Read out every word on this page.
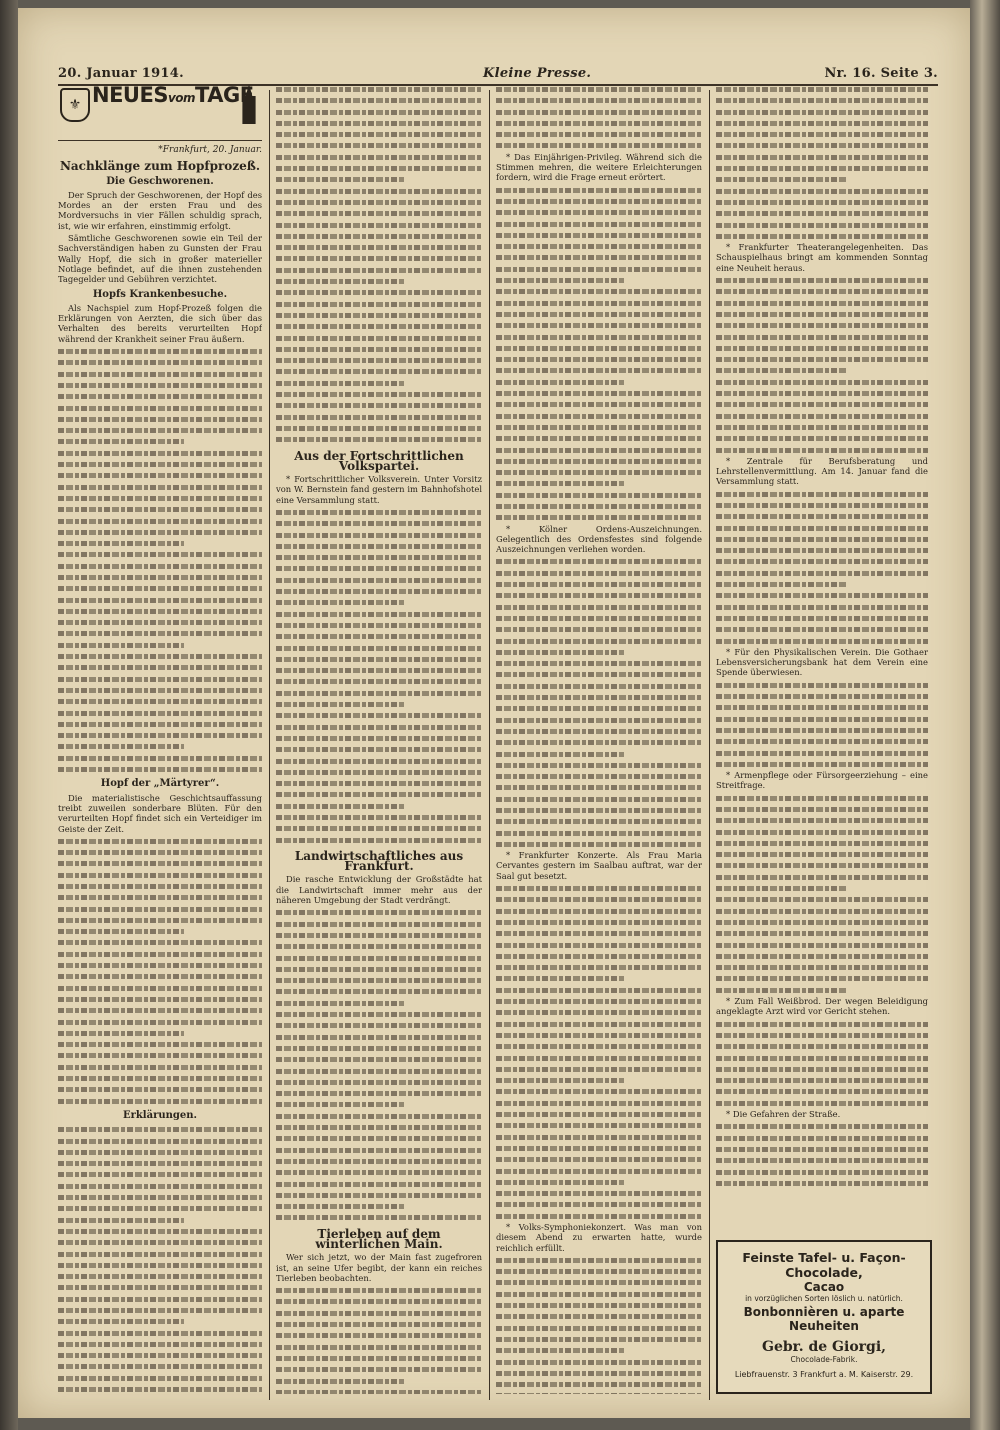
20. Januar 1914.	Kleine Presse.	Nr. 16. Seite 3.
⚜ NEUESvomTAGE
*Frankfurt, 20. Januar.
Nachklänge zum Hopfprozeß.
Die Geschworenen.

Der Spruch der Geschworenen, der Hopf des Mordes an der ersten Frau und des Mordversuchs in vier Fällen schuldig sprach, ist, wie wir erfahren, einstimmig erfolgt.

Sämtliche Geschworenen sowie ein Teil der Sachverständigen haben zu Gunsten der Frau Wally Hopf, die sich in großer materieller Notlage befindet, auf die ihnen zustehenden Tagegelder und Gebühren verzichtet.

Hopfs Krankenbesuche.

Als Nachspiel zum Hopf-Prozeß folgen die Erklärungen von Aerzten, die sich über das Verhalten des bereits verurteilten Hopf während der Krankheit seiner Frau äußern.

Hopf der „Märtyrer“.

Die materialistische Geschichtsauffassung treibt zuweilen sonderbare Blüten. Für den verurteilten Hopf findet sich ein Verteidiger im Geiste der Zeit.

Erklärungen.
Aus der Fortschrittlichen Volkspartei.

* Fortschrittlicher Volksverein. Unter Vorsitz von W. Bernstein fand gestern im Bahnhofshotel eine Versammlung statt.

Landwirtschaftliches aus Frankfurt.

Die rasche Entwicklung der Großstädte hat die Landwirtschaft immer mehr aus der näheren Umgebung der Stadt verdrängt.

Tierleben auf dem winterlichen Main.

Wer sich jetzt, wo der Main fast zugefroren ist, an seine Ufer begibt, der kann ein reiches Tierleben beobachten.

* Das Einjährigen-Privileg. Während sich die Stimmen mehren, die weitere Erleichterungen fordern, wird die Frage erneut erörtert.

* Kölner Ordens-Auszeichnungen. Gelegentlich des Ordensfestes sind folgende Auszeichnungen verliehen worden.

* Frankfurter Konzerte. Als Frau Maria Cervantes gestern im Saalbau auftrat, war der Saal gut besetzt.

* Volks-Symphoniekonzert. Was man von diesem Abend zu erwarten hatte, wurde reichlich erfüllt.

* Frankfurter Theaterangelegenheiten. Das Schauspielhaus bringt am kommenden Sonntag eine Neuheit heraus.

* Zentrale für Berufsberatung und Lehrstellenvermittlung. Am 14. Januar fand die Versammlung statt.

* Für den Physikalischen Verein. Die Gothaer Lebensversicherungsbank hat dem Verein eine Spende überwiesen.

* Armenpflege oder Fürsorgeerziehung – eine Streitfrage.

* Zum Fall Weißbrod. Der wegen Beleidigung angeklagte Arzt wird vor Gericht stehen.

* Die Gefahren der Straße.

Feinste Tafel- u. Façon-Chocolade,
Cacao
in vorzüglichen Sorten löslich u. natürlich.
Bonbonnièren u. aparte Neuheiten
Gebr. de Giorgi,
Chocolade-Fabrik.
Liebfrauenstr. 3 Frankfurt a. M. Kaiserstr. 29.
